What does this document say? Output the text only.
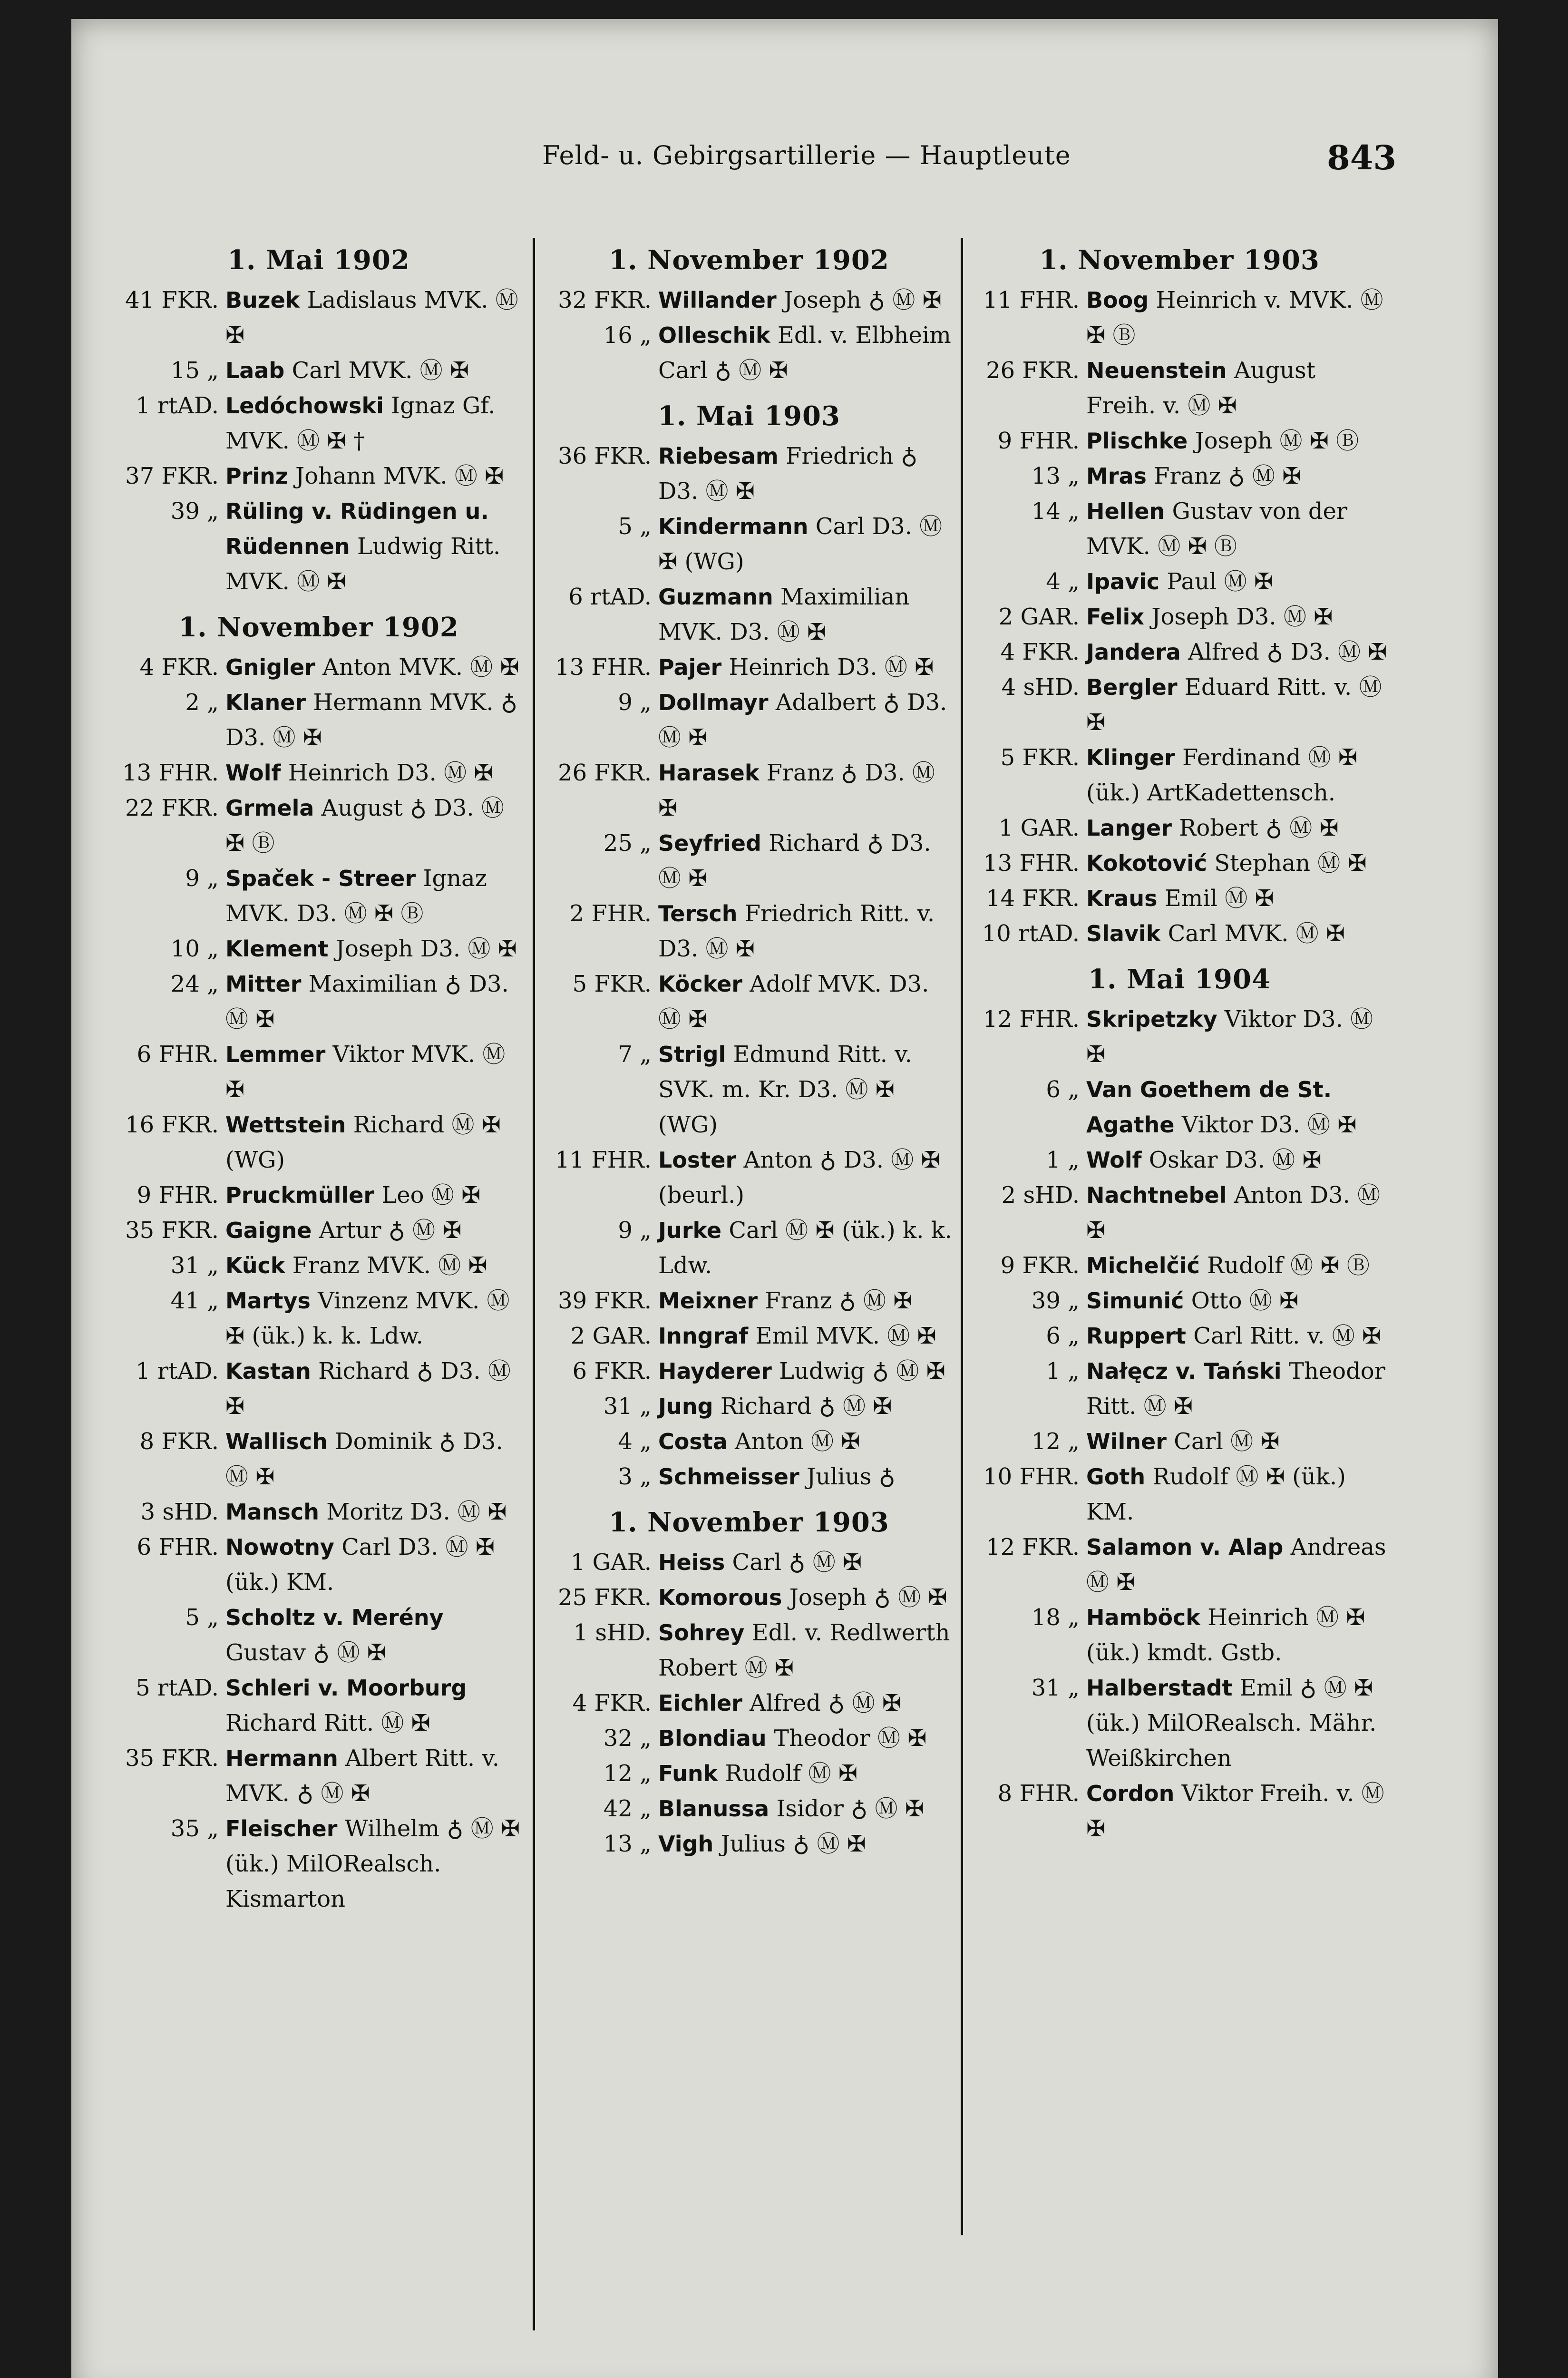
Feld- u. Gebirgsartillerie — Hauptleute	843
1. Mai 1902
41 FKR. Buzek Ladislaus MVK. Ⓜ ✠
15 „ Laab Carl MVK. Ⓜ ✠
1 rtAD. Ledóchowski Ignaz Gf. MVK. Ⓜ ✠ †
37 FKR. Prinz Johann MVK. Ⓜ ✠
39 „ Rüling v. Rüdingen u. Rüdennen Ludwig Ritt. MVK. Ⓜ ✠
1. November 1902
4 FKR. Gnigler Anton MVK. Ⓜ ✠
2 „ Klaner Hermann MVK. ♁ D3. Ⓜ ✠
13 FHR. Wolf Heinrich D3. Ⓜ ✠
22 FKR. Grmela August ♁ D3. Ⓜ ✠ Ⓑ
9 „ Spaček - Streer Ignaz MVK. D3. Ⓜ ✠ Ⓑ
10 „ Klement Joseph D3. Ⓜ ✠
24 „ Mitter Maximilian ♁ D3. Ⓜ ✠
6 FHR. Lemmer Viktor MVK. Ⓜ ✠
16 FKR. Wettstein Richard Ⓜ ✠ (WG)
9 FHR. Pruckmüller Leo Ⓜ ✠
35 FKR. Gaigne Artur ♁ Ⓜ ✠
31 „ Kück Franz MVK. Ⓜ ✠
41 „ Martys Vinzenz MVK. Ⓜ ✠ (ük.) k. k. Ldw.
1 rtAD. Kastan Richard ♁ D3. Ⓜ ✠
8 FKR. Wallisch Dominik ♁ D3. Ⓜ ✠
3 sHD. Mansch Moritz D3. Ⓜ ✠
6 FHR. Nowotny Carl D3. Ⓜ ✠ (ük.) KM.
5 „ Scholtz v. Merény Gustav ♁ Ⓜ ✠
5 rtAD. Schleri v. Moorburg Richard Ritt. Ⓜ ✠
35 FKR. Hermann Albert Ritt. v. MVK. ♁ Ⓜ ✠
35 „ Fleischer Wilhelm ♁ Ⓜ ✠ (ük.) MilORealsch. Kismarton
1. November 1902
32 FKR. Willander Joseph ♁ Ⓜ ✠
16 „ Olleschik Edl. v. Elbheim Carl ♁ Ⓜ ✠
1. Mai 1903
36 FKR. Riebesam Friedrich ♁ D3. Ⓜ ✠
5 „ Kindermann Carl D3. Ⓜ ✠ (WG)
6 rtAD. Guzmann Maximilian MVK. D3. Ⓜ ✠
13 FHR. Pajer Heinrich D3. Ⓜ ✠
9 „ Dollmayr Adalbert ♁ D3. Ⓜ ✠
26 FKR. Harasek Franz ♁ D3. Ⓜ ✠
25 „ Seyfried Richard ♁ D3. Ⓜ ✠
2 FHR. Tersch Friedrich Ritt. v. D3. Ⓜ ✠
5 FKR. Köcker Adolf MVK. D3. Ⓜ ✠
7 „ Strigl Edmund Ritt. v. SVK. m. Kr. D3. Ⓜ ✠ (WG)
11 FHR. Loster Anton ♁ D3. Ⓜ ✠ (beurl.)
9 „ Jurke Carl Ⓜ ✠ (ük.) k. k. Ldw.
39 FKR. Meixner Franz ♁ Ⓜ ✠
2 GAR. Inngraf Emil MVK. Ⓜ ✠
6 FKR. Hayderer Ludwig ♁ Ⓜ ✠
31 „ Jung Richard ♁ Ⓜ ✠
4 „ Costa Anton Ⓜ ✠
3 „ Schmeisser Julius ♁
1. November 1903
1 GAR. Heiss Carl ♁ Ⓜ ✠
25 FKR. Komorous Joseph ♁ Ⓜ ✠
1 sHD. Sohrey Edl. v. Redlwerth Robert Ⓜ ✠
4 FKR. Eichler Alfred ♁ Ⓜ ✠
32 „ Blondiau Theodor Ⓜ ✠
12 „ Funk Rudolf Ⓜ ✠
42 „ Blanussa Isidor ♁ Ⓜ ✠
13 „ Vigh Julius ♁ Ⓜ ✠
1. November 1903
11 FHR. Boog Heinrich v. MVK. Ⓜ ✠ Ⓑ
26 FKR. Neuenstein August Freih. v. Ⓜ ✠
9 FHR. Plischke Joseph Ⓜ ✠ Ⓑ
13 „ Mras Franz ♁ Ⓜ ✠
14 „ Hellen Gustav von der MVK. Ⓜ ✠ Ⓑ
4 „ Ipavic Paul Ⓜ ✠
2 GAR. Felix Joseph D3. Ⓜ ✠
4 FKR. Jandera Alfred ♁ D3. Ⓜ ✠
4 sHD. Bergler Eduard Ritt. v. Ⓜ ✠
5 FKR. Klinger Ferdinand Ⓜ ✠ (ük.) ArtKadettensch.
1 GAR. Langer Robert ♁ Ⓜ ✠
13 FHR. Kokotović Stephan Ⓜ ✠
14 FKR. Kraus Emil Ⓜ ✠
10 rtAD. Slavik Carl MVK. Ⓜ ✠
1. Mai 1904
12 FHR. Skripetzky Viktor D3. Ⓜ ✠
6 „ Van Goethem de St. Agathe Viktor D3. Ⓜ ✠
1 „ Wolf Oskar D3. Ⓜ ✠
2 sHD. Nachtnebel Anton D3. Ⓜ ✠
9 FKR. Michelčić Rudolf Ⓜ ✠ Ⓑ
39 „ Simunić Otto Ⓜ ✠
6 „ Ruppert Carl Ritt. v. Ⓜ ✠
1 „ Nałęcz v. Tański Theodor Ritt. Ⓜ ✠
12 „ Wilner Carl Ⓜ ✠
10 FHR. Goth Rudolf Ⓜ ✠ (ük.) KM.
12 FKR. Salamon v. Alap Andreas Ⓜ ✠
18 „ Hamböck Heinrich Ⓜ ✠ (ük.) kmdt. Gstb.
31 „ Halberstadt Emil ♁ Ⓜ ✠ (ük.) MilORealsch. Mähr. Weißkirchen
8 FHR. Cordon Viktor Freih. v. Ⓜ ✠
